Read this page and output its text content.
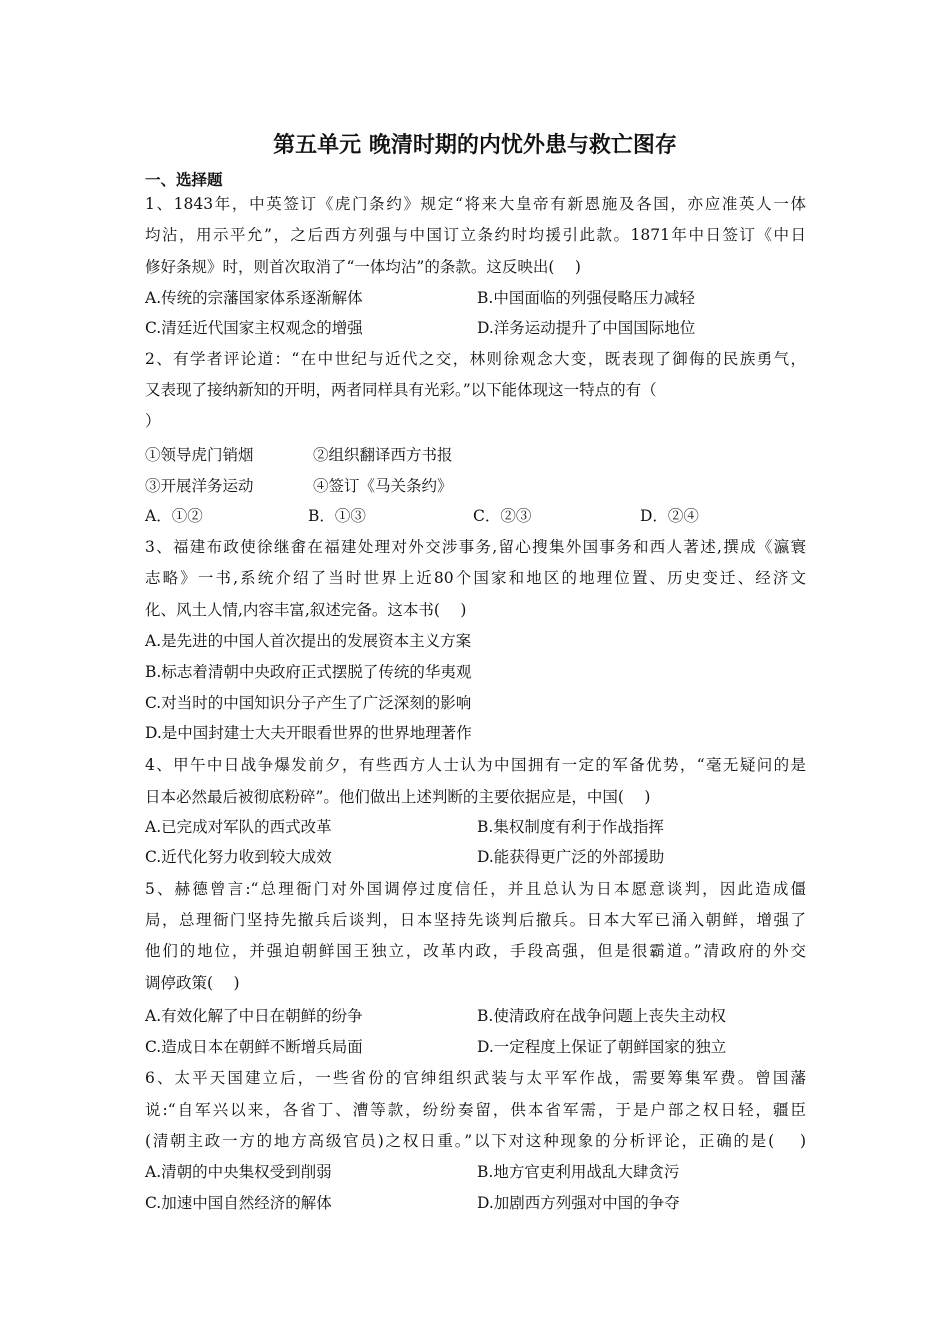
第五单元 晚清时期的内忧外患与救亡图存
一、选择题
1、1843年，中英签订《虎门条约》规定“将来大皇帝有新恩施及各国，亦应准英人一体
均沾，用示平允”，之后西方列强与中国订立条约时均援引此款。1871年中日签订《中日
修好条规》时，则首次取消了“一体均沾”的条款。这反映出(　 )
A.传统的宗藩国家体系逐渐解体	B.中国面临的列强侵略压力减轻
C.清廷近代国家主权观念的增强	D.洋务运动提升了中国国际地位
2、有学者评论道：“在中世纪与近代之交，林则徐观念大变，既表现了御侮的民族勇气，
又表现了接纳新知的开明，两者同样具有光彩。”以下能体现这一特点的有（
）
①领导虎门销烟	②组织翻译西方书报
③开展洋务运动	④签订《马关条约》
A．①②	B．①③	C．②③	D．②④
3、福建布政使徐继畬在福建处理对外交涉事务,留心搜集外国事务和西人著述,撰成《瀛寰
志略》一书,系统介绍了当时世界上近80个国家和地区的地理位置、历史变迁、经济文
化、风土人情,内容丰富,叙述完备。这本书(　 )
A.是先进的中国人首次提出的发展资本主义方案
B.标志着清朝中央政府正式摆脱了传统的华夷观
C.对当时的中国知识分子产生了广泛深刻的影响
D.是中国封建士大夫开眼看世界的世界地理著作
4、甲午中日战争爆发前夕，有些西方人士认为中国拥有一定的军备优势，“毫无疑问的是
日本必然最后被彻底粉碎”。他们做出上述判断的主要依据应是，中国(　 )
A.已完成对军队的西式改革	B.集权制度有利于作战指挥
C.近代化努力收到较大成效	D.能获得更广泛的外部援助
5、赫德曾言:“总理衙门对外国调停过度信任，并且总认为日本愿意谈判，因此造成僵
局，总理衙门坚持先撤兵后谈判，日本坚持先谈判后撤兵。日本大军已涌入朝鲜，增强了
他们的地位，并强迫朝鲜国王独立，改革内政，手段高强，但是很霸道。”清政府的外交
调停政策(　 )
A.有效化解了中日在朝鲜的纷争	B.使清政府在战争问题上丧失主动权
C.造成日本在朝鲜不断增兵局面	D.一定程度上保证了朝鲜国家的独立
6、太平天国建立后，一些省份的官绅组织武装与太平军作战，需要筹集军费。曾国藩
说:“自军兴以来，各省丁、漕等款，纷纷奏留，供本省军需，于是户部之权日轻，疆臣
(清朝主政一方的地方高级官员)之权日重。”以下对这种现象的分析评论，正确的是(　 )
A.清朝的中央集权受到削弱	B.地方官吏利用战乱大肆贪污
C.加速中国自然经济的解体	D.加剧西方列强对中国的争夺
